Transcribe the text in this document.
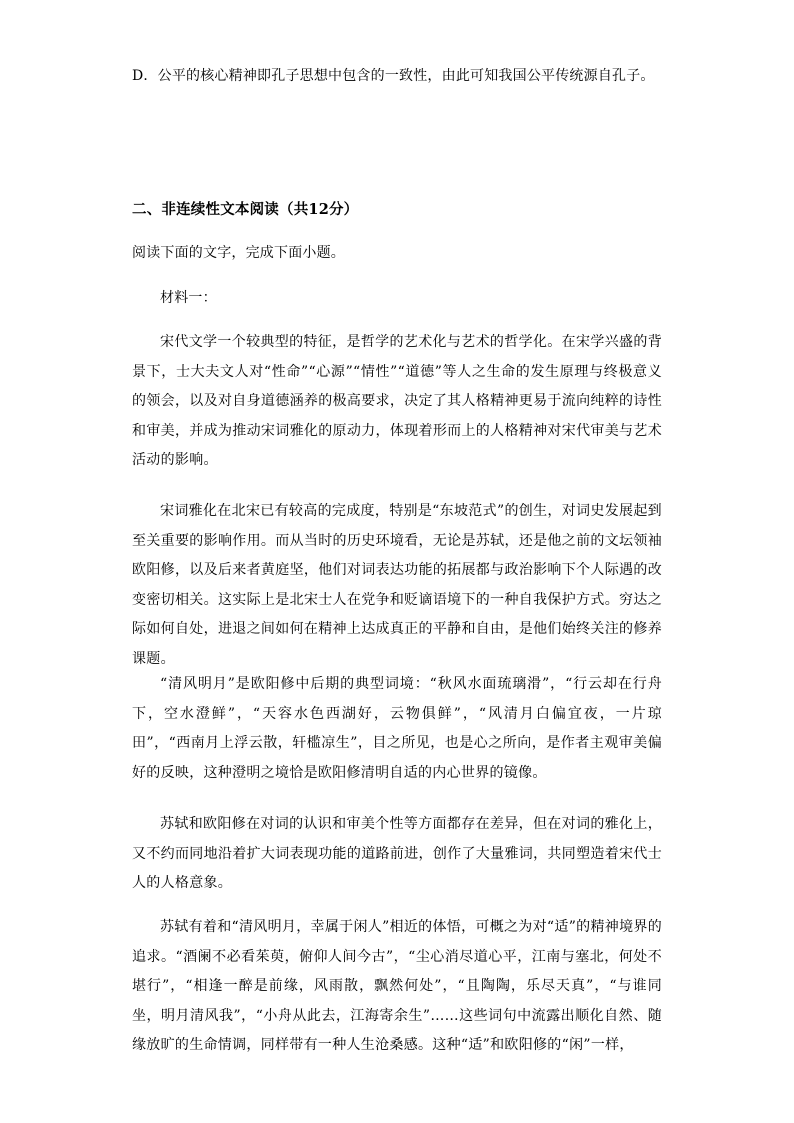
D．公平的核心精神即孔子思想中包含的一致性，由此可知我国公平传统源自孔子。
二、非连续性文本阅读（共12分）
阅读下面的文字，完成下面小题。
材料一：
宋代文学一个较典型的特征，是哲学的艺术化与艺术的哲学化。在宋学兴盛的背景下，士大夫文人对“性命”“心源”“情性”“道德”等人之生命的发生原理与终极意义的领会，以及对自身道德涵养的极高要求，决定了其人格精神更易于流向纯粹的诗性和审美，并成为推动宋词雅化的原动力，体现着形而上的人格精神对宋代审美与艺术活动的影响。
宋词雅化在北宋已有较高的完成度，特别是“东坡范式”的创生，对词史发展起到至关重要的影响作用。而从当时的历史环境看，无论是苏轼，还是他之前的文坛领袖欧阳修，以及后来者黄庭坚，他们对词表达功能的拓展都与政治影响下个人际遇的改变密切相关。这实际上是北宋士人在党争和贬谪语境下的一种自我保护方式。穷达之际如何自处，进退之间如何在精神上达成真正的平静和自由，是他们始终关注的修养课题。
“清风明月”是欧阳修中后期的典型词境：“秋风水面琉璃滑”，“行云却在行舟下，空水澄鲜”，“天容水色西湖好，云物俱鲜”，“风清月白偏宜夜，一片琼田”，“西南月上浮云散，轩槛凉生”，目之所见，也是心之所向，是作者主观审美偏好的反映，这种澄明之境恰是欧阳修清明自适的内心世界的镜像。
苏轼和欧阳修在对词的认识和审美个性等方面都存在差异，但在对词的雅化上，又不约而同地沿着扩大词表现功能的道路前进，创作了大量雅词，共同塑造着宋代士人的人格意象。
苏轼有着和“清风明月，幸属于闲人”相近的体悟，可概之为对“适”的精神境界的追求。“酒阑不必看茱萸，俯仰人间今古”，“尘心消尽道心平，江南与塞北，何处不堪行”，“相逢一醉是前缘，风雨散，飘然何处”，“且陶陶，乐尽天真”，“与谁同坐，明月清风我”，“小舟从此去，江海寄余生”……这些词句中流露出顺化自然、随缘放旷的生命情调，同样带有一种人生沧桑感。这种“适”和欧阳修的“闲”一样，
